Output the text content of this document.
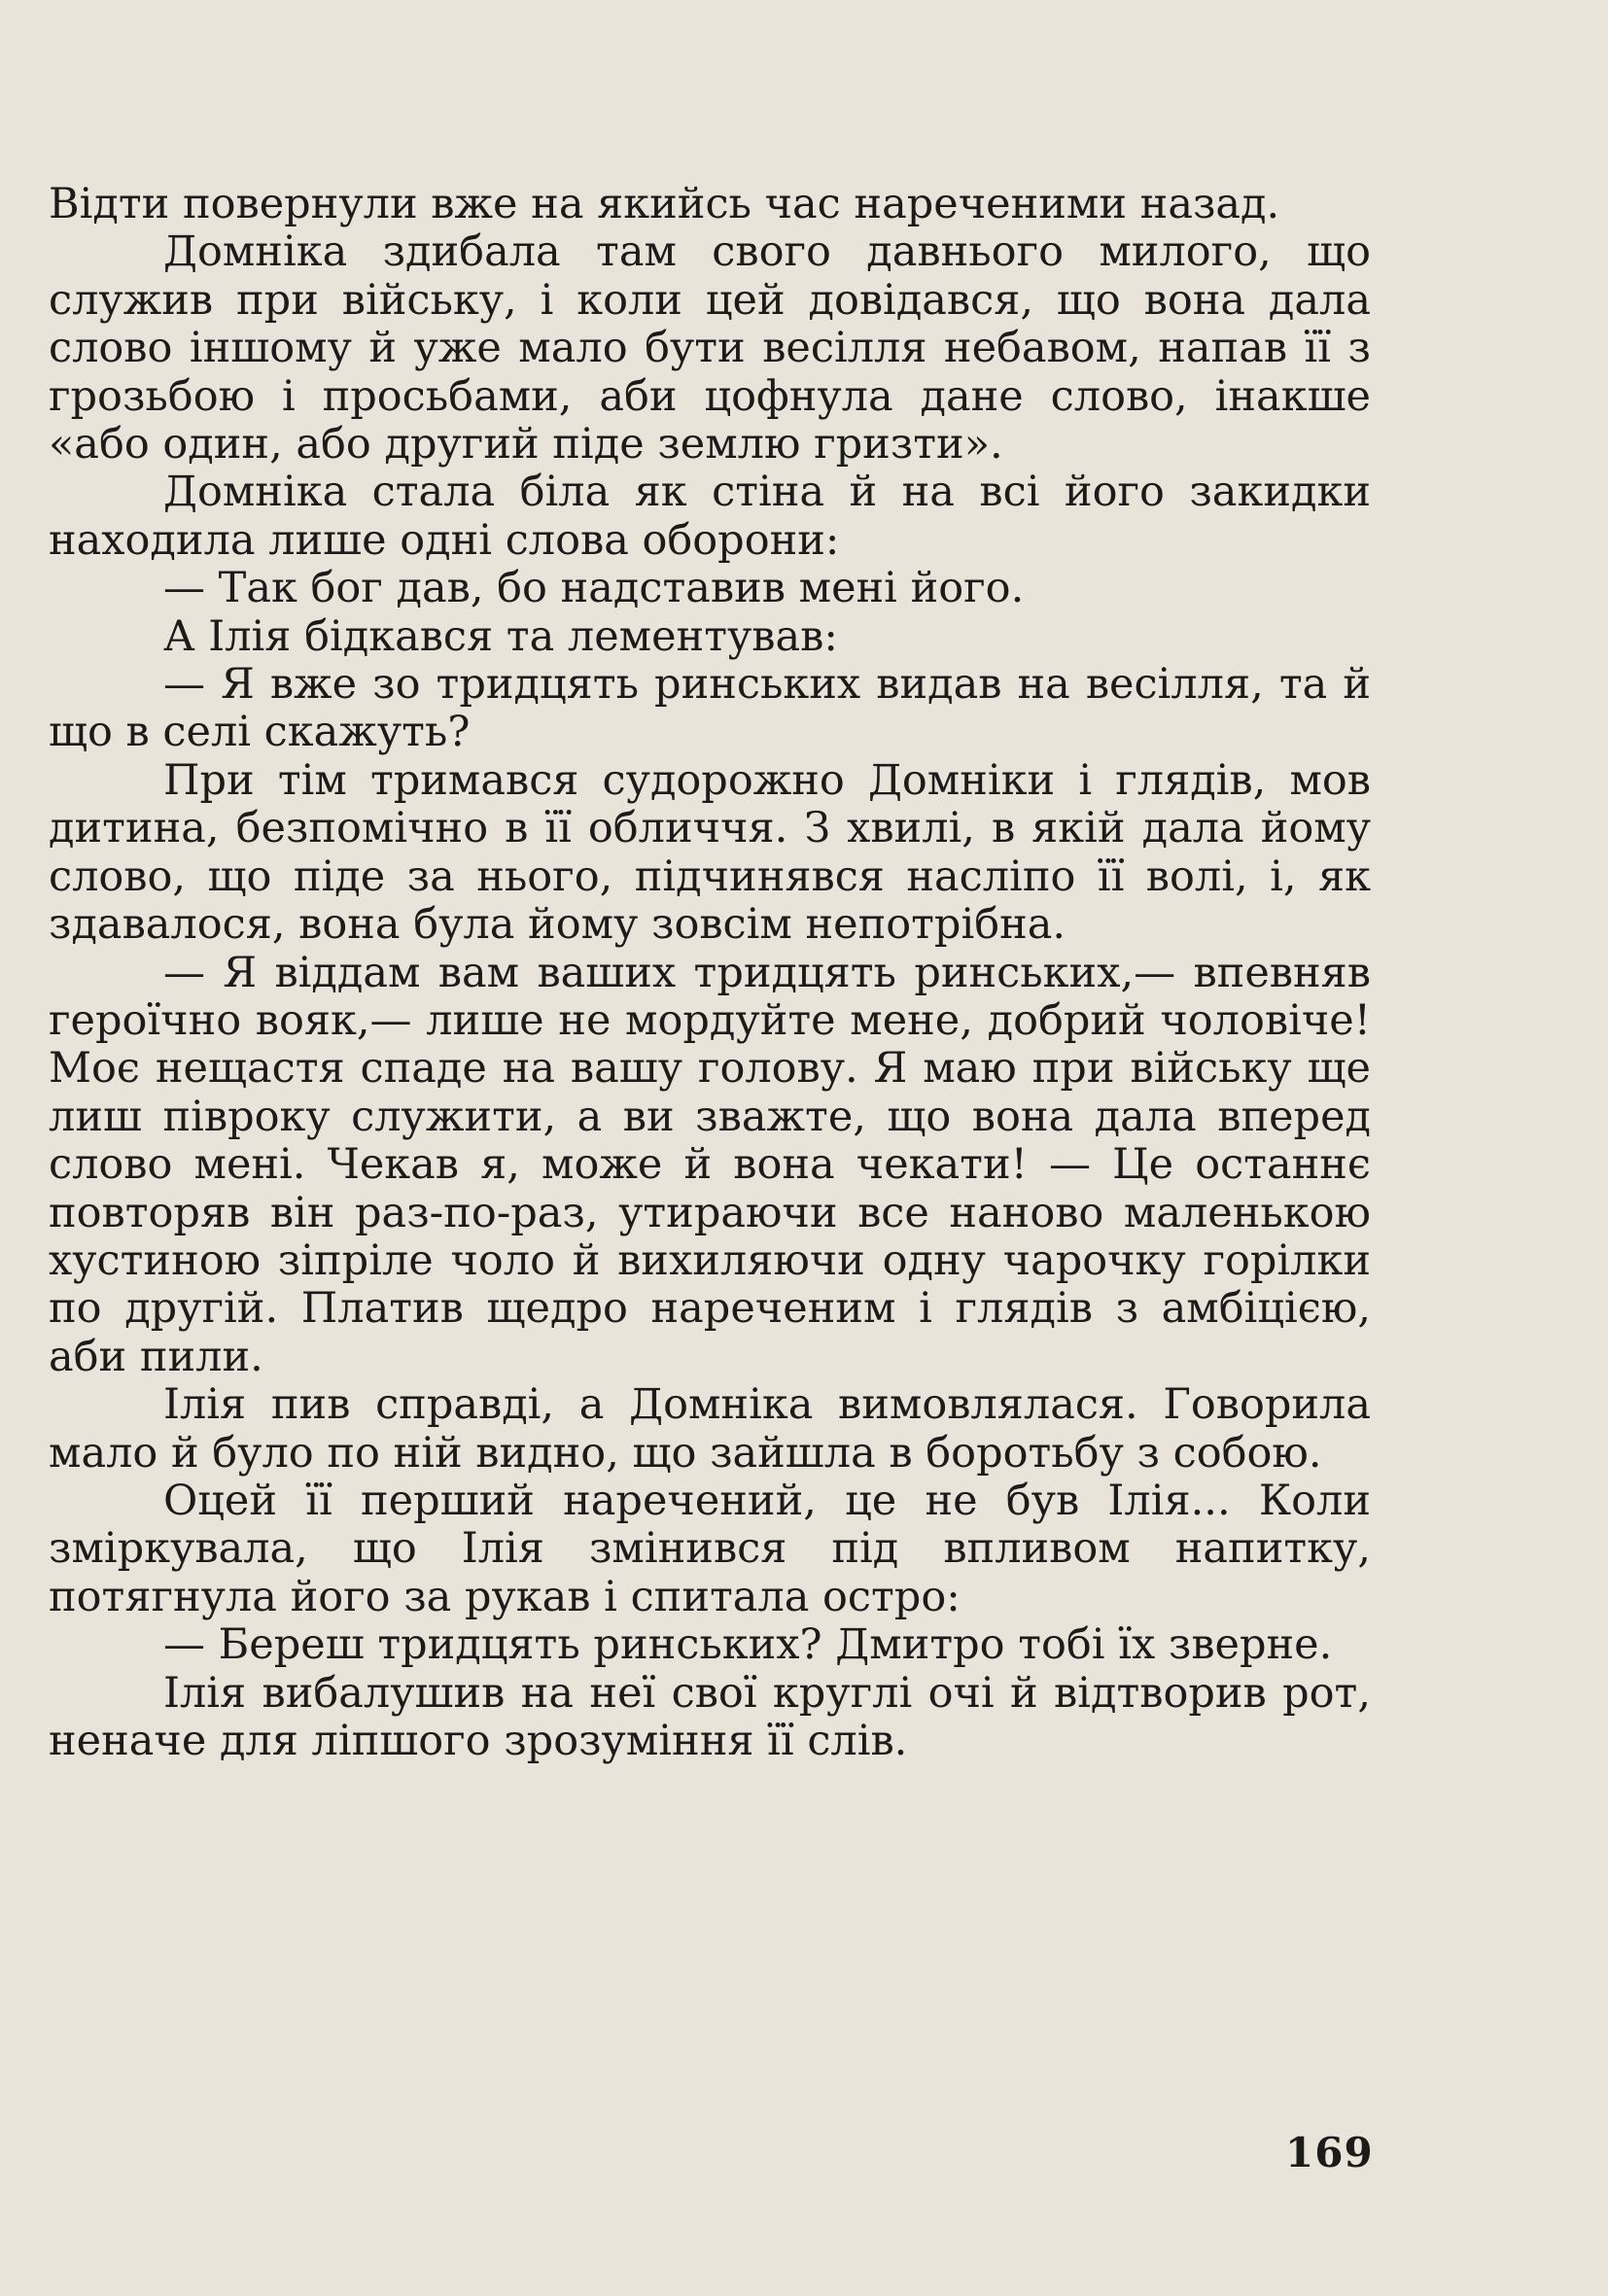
Відти повернули вже на якийсь час нареченими назад.

Домніка здибала там свого давнього милого, що служив при війську, і коли цей довідався, що вона дала слово іншому й уже мало бути весілля небавом, напав її з грозьбою і просьбами, аби цофнула дане слово, інакше «або один, або другий піде землю гризти».

Домніка стала біла як стіна й на всі його закидки находила лише одні слова оборони:

— Так бог дав, бо надставив мені його.

А Ілія бідкався та лементував:

— Я вже зо тридцять ринських видав на весілля, та й що в селі скажуть?

При тім тримався судорожно Домніки і глядів, мов дитина, безпомічно в її обличчя. З хвилі, в якій дала йому слово, що піде за нього, підчинявся насліпо її волі, і, як здавалося, вона була йому зовсім непотрібна.

— Я віддам вам ваших тридцять ринських,— впевняв героїчно вояк,— лише не мордуйте мене, добрий чоловіче! Моє нещастя спаде на вашу голову. Я маю при війську ще лиш півроку служити, а ви зважте, що вона дала вперед слово мені. Чекав я, може й вона чекати! — Це останнє повторяв він раз-по-раз, утираючи все наново маленькою хустиною зіпріле чоло й вихиляючи одну чарочку горілки по другій. Платив щедро нареченим і глядів з амбіцією, аби пили.

Ілія пив справді, а Домніка вимовлялася. Говорила мало й було по ній видно, що зайшла в боротьбу з собою.

Оцей її перший наречений, це не був Ілія... Коли зміркувала, що Ілія змінився під впливом напитку, потягнула його за рукав і спитала остро:

— Береш тридцять ринських? Дмитро тобі їх зверне.

Ілія вибалушив на неї свої круглі очі й відтворив рот, неначе для ліпшого зрозуміння її слів.

169
